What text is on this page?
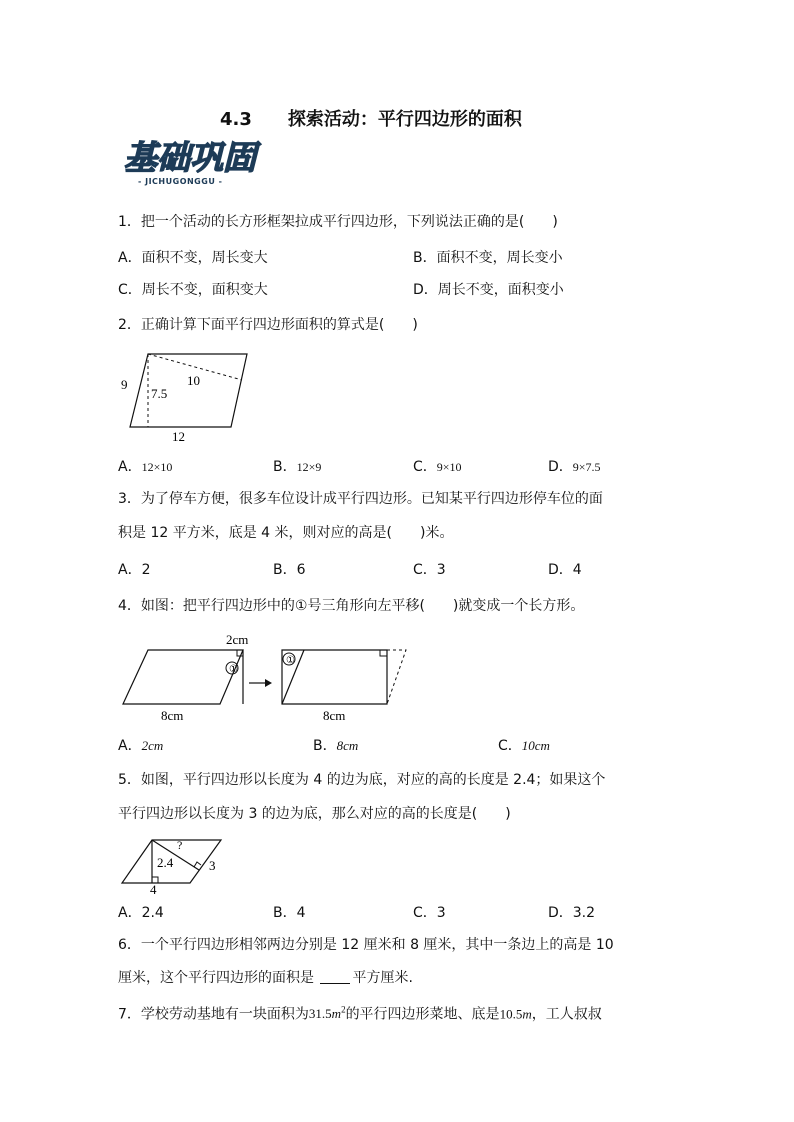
4.3　　探索活动：平行四边形的面积
基础巩固
- JICHUGONGGU -
1．把一个活动的长方形框架拉成平行四边形，下列说法正确的是(　　)
A．面积不变，周长变大	B．面积不变，周长变小
C．周长不变，面积变大	D．周长不变，面积变小
2．正确计算下面平行四边形面积的算式是(　　)
9
7.5
10
12
A．12×10	B．12×9	C．9×10	D．9×7.5
3．为了停车方便，很多车位设计成平行四边形。已知某平行四边形停车位的面
积是 12 平方米，底是 4 米，则对应的高是(　　)米。
A．2	B．6	C．3	D．4
4．如图：把平行四边形中的①号三角形向左平移(　　)就变成一个长方形。
①
2cm
8cm
①
8cm
A．2cm	B．8cm	C．10cm
5．如图，平行四边形以长度为 4 的边为底，对应的高的长度是 2.4；如果这个
平行四边形以长度为 3 的边为底，那么对应的高的长度是(　　)
?
2.4	3
4
A．2.4	B．4	C．3	D．3.2
6．一个平行四边形相邻两边分别是 12 厘米和 8 厘米，其中一条边上的高是 10
厘米，这个平行四边形的面积是 平方厘米.
7．学校劳动基地有一块面积为$31.5m^2$的平行四边形菜地、底是10.5m，工人叔叔
